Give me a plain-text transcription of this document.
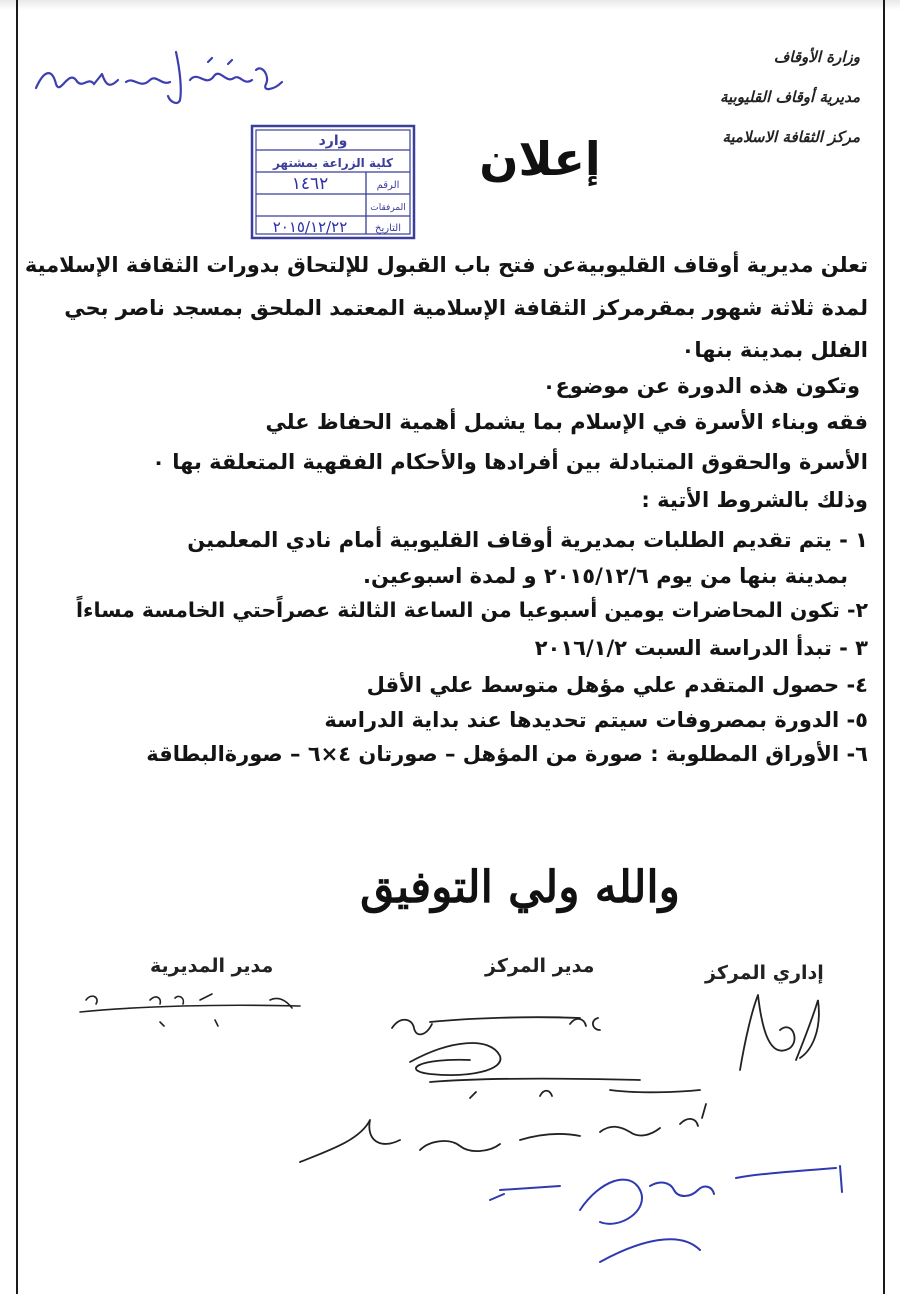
وزارة الأوقاف
مديرية أوقاف القليوبية
مركز الثقافة الاسلامية
وارد
كلية الزراعة بمشتهر
الرقم
١٤٦٢
المرفقات
التاريخ
٢٠١٥/١٢/٢٢
إعلان
تعلن مديرية أوقاف القليوبيةعن فتح باب القبول للإلتحاق بدورات الثقافة الإسلامية
لمدة ثلاثة شهور بمقرمركز الثقافة الإسلامية المعتمد الملحق بمسجد ناصر بحي
الفلل بمدينة بنها٠
وتكون هذه الدورة عن موضوع٠
فقه وبناء الأسرة في الإسلام بما يشمل أهمية الحفاظ علي
الأسرة والحقوق المتبادلة بين أفرادها والأحكام الفقهية المتعلقة بها ٠
وذلك بالشروط الأتية :
١ - يتم تقديم الطلبات بمديرية أوقاف القليوبية أمام نادي المعلمين
بمدينة بنها من يوم ٢٠١٥/١٢/٦ و لمدة اسبوعين.
٢- تكون المحاضرات يومين أسبوعيا من الساعة الثالثة عصراًحتي الخامسة مساءاً
٣ - تبدأ الدراسة السبت ٢٠١٦/١/٢
٤- حصول المتقدم علي مؤهل متوسط علي الأقل
٥- الدورة بمصروفات سيتم تحديدها عند بداية الدراسة
٦- الأوراق المطلوبة : صورة من المؤهل – صورتان ٤×٦ – صورةالبطاقة
والله ولي التوفيق
إداري المركز
مدير المركز
مدير المديرية
